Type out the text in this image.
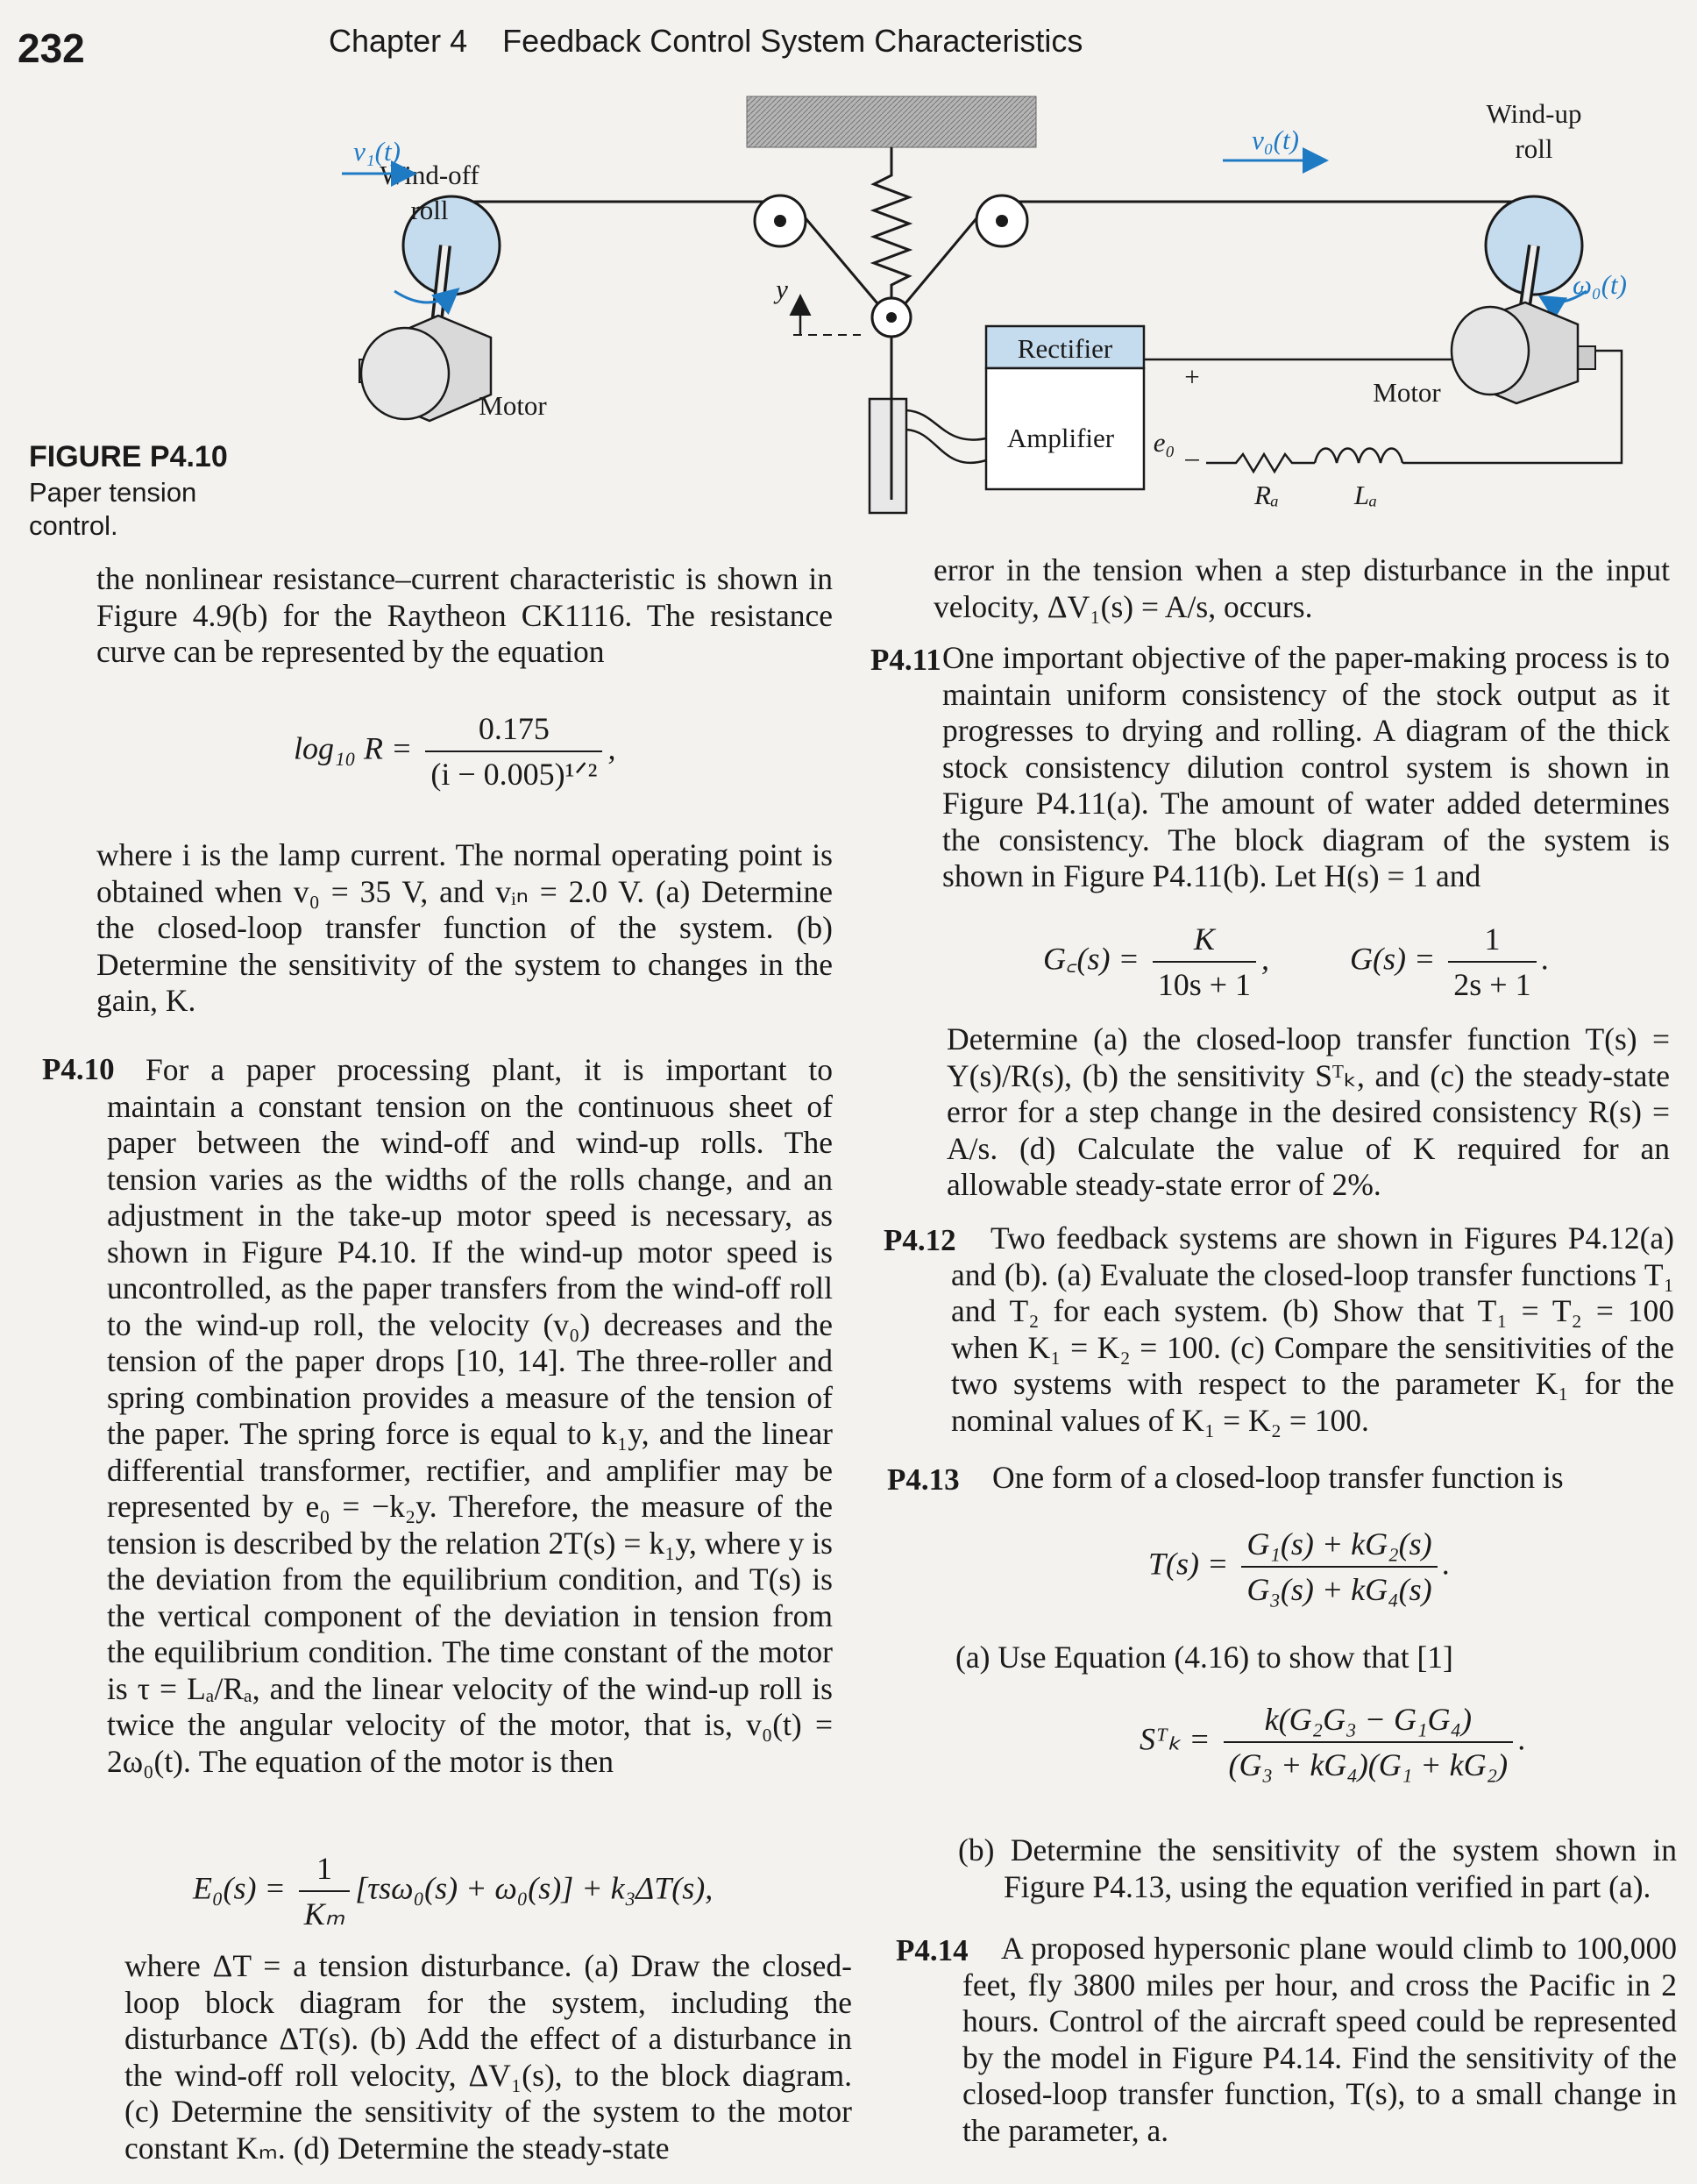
232	Chapter 4 Feedback Control System Characteristics
FIGURE P4.10
Paper tension control.
y
Rectifier
Amplifier e₀
+
–
Rₐ	Lₐ
Wind-off
roll
Motor
v₁(t)
Wind-up
roll
Motor
ω₀(t)
v₀(t)

the nonlinear resistance–current characteristic is shown in Figure 4.9(b) for the Raytheon CK1116. The resistance curve can be represented by the equation

log₁₀ $R = \frac{0.175}{\text{(i − 0.005)¹ᐟ²}}$ ,

where i is the lamp current. The normal operating point is obtained when v₀ = 35 V, and vᵢₙ = 2.0 V. (a) Determine the closed-loop transfer function of the system. (b) Determine the sensitivity of the system to changes in the gain, K.

P4.10 For a paper processing plant, it is important to maintain a constant tension on the continuous sheet of paper between the wind-off and wind-up rolls. The tension varies as the widths of the rolls change, and an adjustment in the take-up motor speed is necessary, as shown in Figure P4.10. If the wind-up motor speed is uncontrolled, as the paper transfers from the wind-off roll to the wind-up roll, the velocity (v₀) decreases and the tension of the paper drops [10, 14]. The three-roller and spring combination provides a measure of the tension of the paper. The spring force is equal to k₁y, and the linear differential transformer, rectifier, and amplifier may be represented by e₀ = −k₂y. Therefore, the measure of the tension is described by the relation 2T(s) = k₁y, where y is the deviation from the equilibrium condition, and T(s) is the vertical component of the deviation in tension from the equilibrium condition. The time constant of the motor is τ = Lₐ/Rₐ, and the linear velocity of the wind-up roll is twice the angular velocity of the motor, that is, v₀(t) = 2ω₀(t). The equation of the motor is then

$E_0(s) = \frac{1}{\text{Kₘ}} [\tau s\omega_0(s) + \omega_0(s)] + k_3\Delta T(s)$,

where ΔT = a tension disturbance. (a) Draw the closed-loop block diagram for the system, including the disturbance ΔT(s). (b) Add the effect of a disturbance in the wind-off roll velocity, ΔV₁(s), to the block diagram. (c) Determine the sensitivity of the system to the motor constant Kₘ. (d) Determine the steady-state

error in the tension when a step disturbance in the input velocity, ΔV₁(s) = A/s, occurs.

P4.11 One important objective of the paper-making process is to maintain uniform consistency of the stock output as it progresses to drying and rolling. A diagram of the thick stock consistency dilution control system is shown in Figure P4.11(a). The amount of water added determines the consistency. The block diagram of the system is shown in Figure P4.11(b). Let H(s) = 1 and

G꜀(s) = $\frac{K}{10s + 1}$ ,	$G(s) = \frac{1}{2s + 1}$ .

Determine (a) the closed-loop transfer function T(s) = Y(s)/R(s), (b) the sensitivity Sᵀₖ, and (c) the steady-state error for a step change in the desired consistency R(s) = A/s. (d) Calculate the value of K required for an allowable steady-state error of 2%.

P4.12	Two feedback systems are shown in Figures P4.12(a) and (b). (a) Evaluate the closed-loop transfer functions T₁ and T₂ for each system. (b) Show that T₁ = T₂ = 100 when K₁ = K₂ = 100. (c) Compare the sensitivities of the two systems with respect to the parameter K₁ for the nominal values of K₁ = K₂ = 100.

P4.13 One form of a closed-loop transfer function is

$T(s) = \frac{\text{G₁(s) + kG₂(s)}}{\text{G₃(s) + kG₄(s)}}$ .

(a) Use Equation (4.16) to show that [1]

Sᵀₖ = $\frac{\text{k(G₂G₃ − G₁G₄)}}{\text{(G₃ + kG₄)(G₁ + kG₂)}}$ .

(b) Determine the sensitivity of the system shown in Figure P4.13, using the equation verified in part (a).

P4.14	A proposed hypersonic plane would climb to 100,000 feet, fly 3800 miles per hour, and cross the Pacific in 2 hours. Control of the aircraft speed could be represented by the model in Figure P4.14. Find the sensitivity of the closed-loop transfer function, T(s), to a small change in the parameter, a.
